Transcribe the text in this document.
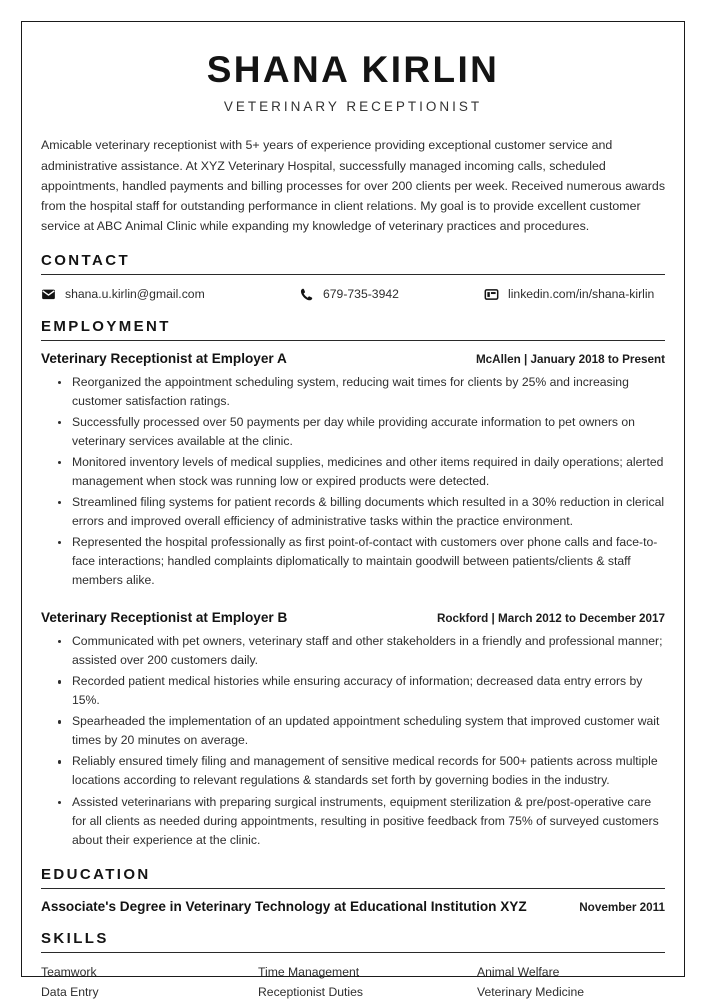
SHANA KIRLIN
VETERINARY RECEPTIONIST
Amicable veterinary receptionist with 5+ years of experience providing exceptional customer service and administrative assistance. At XYZ Veterinary Hospital, successfully managed incoming calls, scheduled appointments, handled payments and billing processes for over 200 clients per week. Received numerous awards from the hospital staff for outstanding performance in client relations. My goal is to provide excellent customer service at ABC Animal Clinic while expanding my knowledge of veterinary practices and procedures.
CONTACT
shana.u.kirlin@gmail.com	679-735-3942	linkedin.com/in/shana-kirlin
EMPLOYMENT
Veterinary Receptionist at Employer A	McAllen | January 2018 to Present
Reorganized the appointment scheduling system, reducing wait times for clients by 25% and increasing customer satisfaction ratings.
Successfully processed over 50 payments per day while providing accurate information to pet owners on veterinary services available at the clinic.
Monitored inventory levels of medical supplies, medicines and other items required in daily operations; alerted management when stock was running low or expired products were detected.
Streamlined filing systems for patient records & billing documents which resulted in a 30% reduction in clerical errors and improved overall efficiency of administrative tasks within the practice environment.
Represented the hospital professionally as first point-of-contact with customers over phone calls and face-to-face interactions; handled complaints diplomatically to maintain goodwill between patients/clients & staff members alike.
Veterinary Receptionist at Employer B	Rockford | March 2012 to December 2017
Communicated with pet owners, veterinary staff and other stakeholders in a friendly and professional manner; assisted over 200 customers daily.
Recorded patient medical histories while ensuring accuracy of information; decreased data entry errors by 15%.
Spearheaded the implementation of an updated appointment scheduling system that improved customer wait times by 20 minutes on average.
Reliably ensured timely filing and management of sensitive medical records for 500+ patients across multiple locations according to relevant regulations & standards set forth by governing bodies in the industry.
Assisted veterinarians with preparing surgical instruments, equipment sterilization & pre/post-operative care for all clients as needed during appointments, resulting in positive feedback from 75% of surveyed customers about their experience at the clinic.
EDUCATION
Associate's Degree in Veterinary Technology at Educational Institution XYZ	November 2011
SKILLS
Teamwork	Time Management	Animal Welfare
Data Entry	Receptionist Duties	Veterinary Medicine
